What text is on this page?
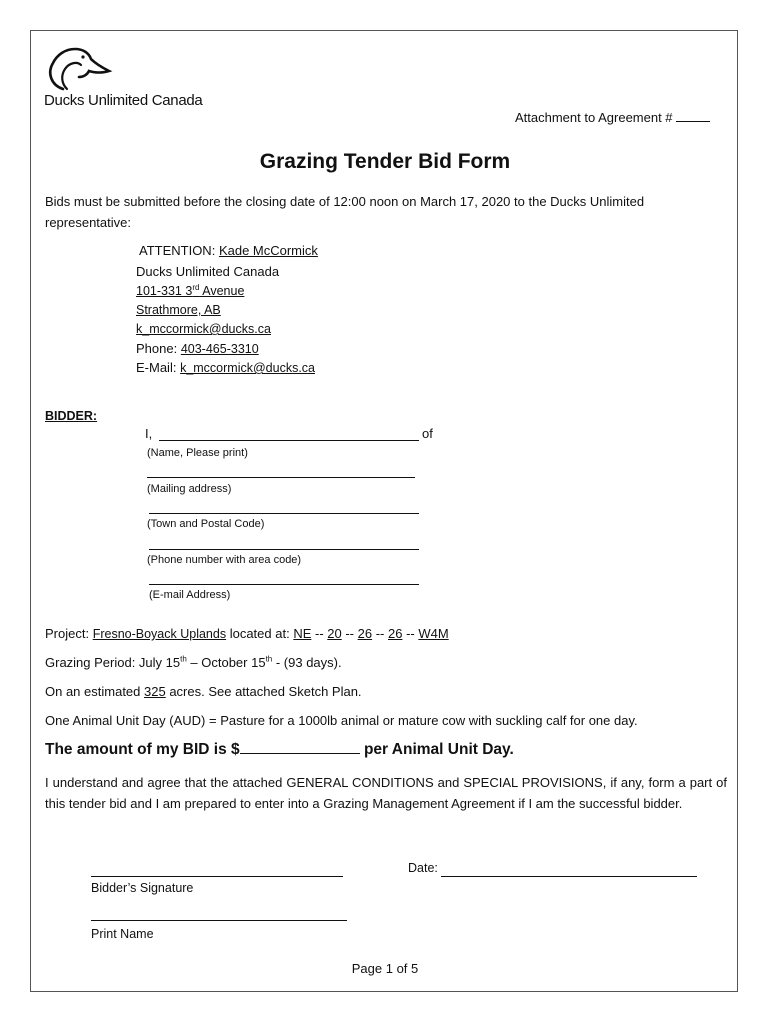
Ducks Unlimited Canada
Attachment to Agreement #
Grazing Tender Bid Form
Bids must be submitted before the closing date of 12:00 noon on March 17, 2020 to the Ducks Unlimited representative:
ATTENTION: Kade McCormick
Ducks Unlimited Canada
101-331 3rd Avenue
Strathmore, AB
k_mccormick@ducks.ca
Phone: 403-465-3310
E-Mail: k_mccormick@ducks.ca
BIDDER:
I,	of
(Name, Please print)
(Mailing address)
(Town and Postal Code)
(Phone number with area code)
(E-mail Address)
Project: Fresno-Boyack Uplands located at: NE -- 20 -- 26 -- 26 -- W4M
Grazing Period: July 15th – October 15th - (93 days).
On an estimated 325 acres. See attached Sketch Plan.
One Animal Unit Day (AUD) = Pasture for a 1000lb animal or mature cow with suckling calf for one day.
The amount of my BID is $	per Animal Unit Day.
I understand and agree that the attached GENERAL CONDITIONS and SPECIAL PROVISIONS, if any, form a part of this tender bid and I am prepared to enter into a Grazing Management Agreement if I am the successful bidder.
Bidder’s Signature
Date:
Print Name
Page 1 of 5
